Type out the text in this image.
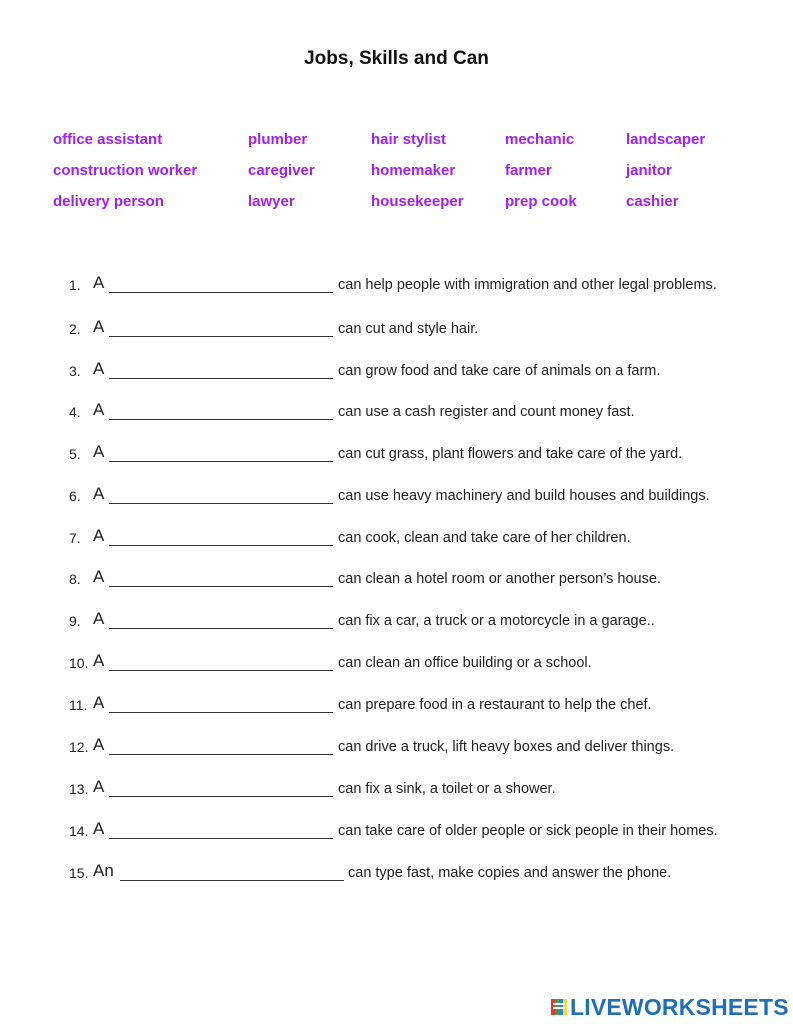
Jobs, Skills and Can
office assistant	plumber	hair stylist	mechanic	landscaper
construction worker	caregiver	homemaker	farmer	janitor
delivery person	lawyer	housekeeper	prep cook	cashier
1. A	can help people with immigration and other legal problems.
2. A	can cut and style hair.
3. A	can grow food and take care of animals on a farm.
4. A	can use a cash register and count money fast.
5. A	can cut grass, plant flowers and take care of the yard.
6. A	can use heavy machinery and build houses and buildings.
7. A	can cook, clean and take care of her children.
8. A	can clean a hotel room or another person’s house.
9. A	can fix a car, a truck or a motorcycle in a garage..
10. A	can clean an office building or a school.
11. A	can prepare food in a restaurant to help the chef.
12. A	can drive a truck, lift heavy boxes and deliver things.
13. A	can fix a sink, a toilet or a shower.
14. A	can take care of older people or sick people in their homes.
15. An	can type fast, make copies and answer the phone.
LIVEWORKSHEETS
